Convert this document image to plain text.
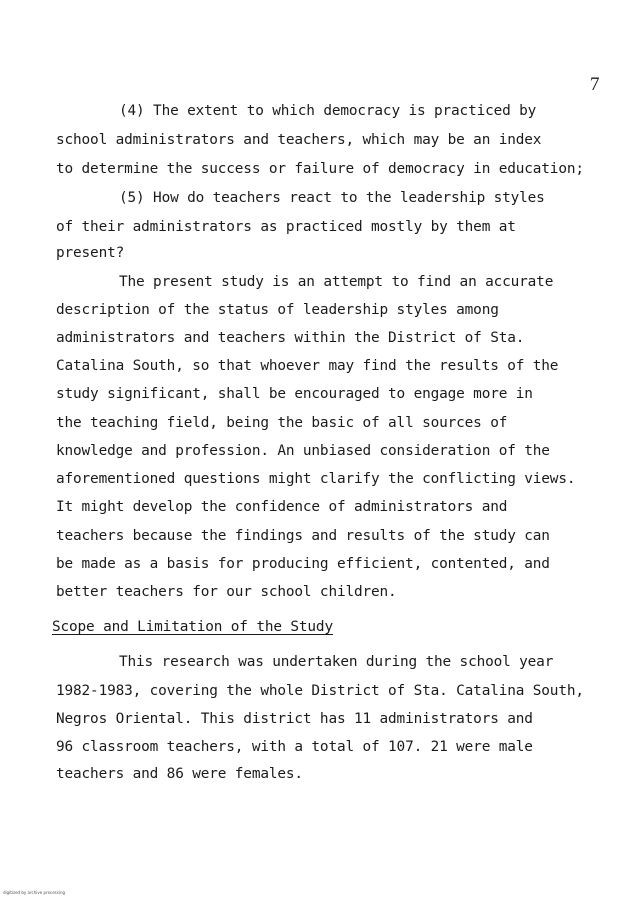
7
(4) The extent to which democracy is practiced by
school administrators and teachers, which may be an index
to determine the success or failure of democracy in education;
(5) How do teachers react to the leadership styles
of their administrators as practiced mostly by them at
present?
The present study is an attempt to find an accurate
description of the status of leadership styles among
administrators and teachers within the District of Sta.
Catalina South, so that whoever may find the results of the
study significant, shall be encouraged to engage more in
the teaching field, being the basic of all sources of
knowledge and profession. An unbiased consideration of the
aforementioned questions might clarify the conflicting views.
It might develop the confidence of administrators and
teachers because the findings and results of the study can
be made as a basis for producing efficient, contented, and
better teachers for our school children.
Scope and Limitation of the Study
This research was undertaken during the school year
1982-1983, covering the whole District of Sta. Catalina South,
Negros Oriental. This district has 11 administrators and
96 classroom teachers, with a total of 107. 21 were male
teachers and 86 were females.
digitized by archive processing
